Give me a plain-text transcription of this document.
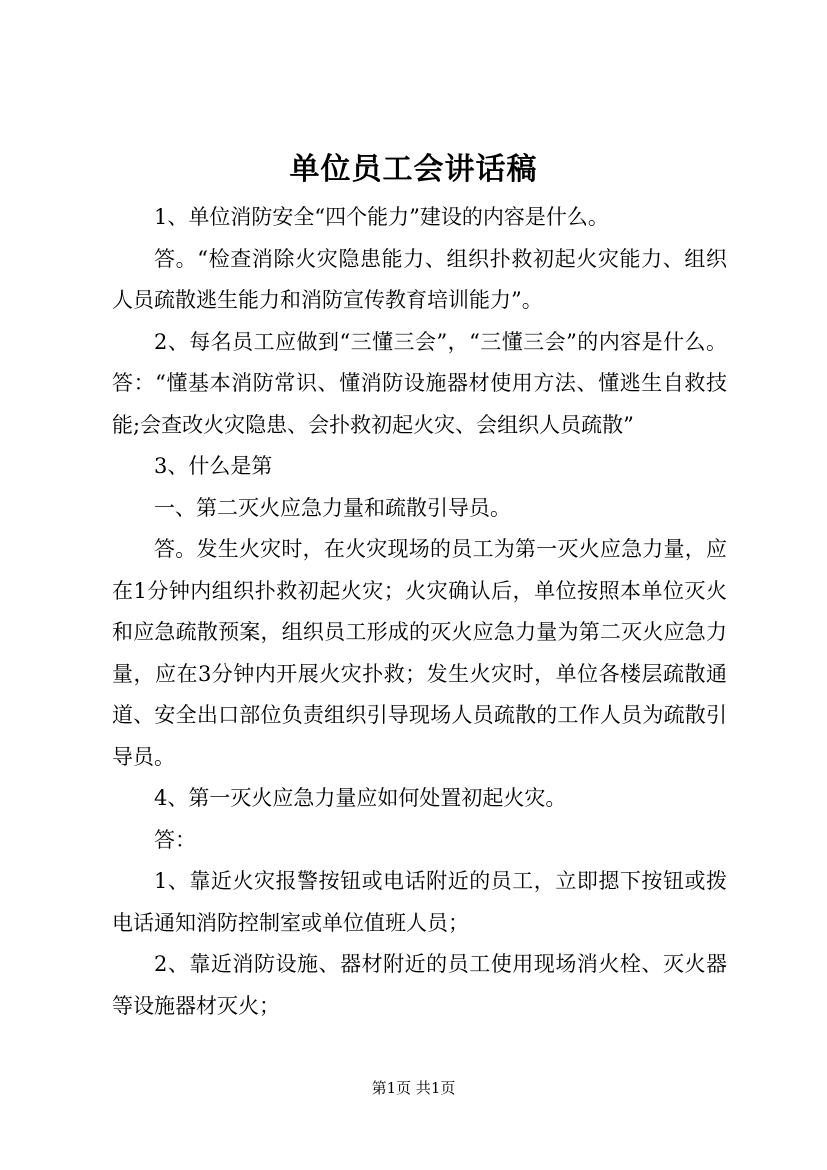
单位员工会讲话稿

1、单位消防安全“四个能力”建设的内容是什么。

答。“检查消除火灾隐患能力、组织扑救初起火灾能力、组织人员疏散逃生能力和消防宣传教育培训能力”。

2、每名员工应做到“三懂三会”，“三懂三会”的内容是什么。答：“懂基本消防常识、懂消防设施器材使用方法、懂逃生自救技能;会查改火灾隐患、会扑救初起火灾、会组织人员疏散”

3、什么是第

一、第二灭火应急力量和疏散引导员。

答。发生火灾时，在火灾现场的员工为第一灭火应急力量，应在1分钟内组织扑救初起火灾；火灾确认后，单位按照本单位灭火和应急疏散预案，组织员工形成的灭火应急力量为第二灭火应急力量，应在3分钟内开展火灾扑救；发生火灾时，单位各楼层疏散通道、安全出口部位负责组织引导现场人员疏散的工作人员为疏散引导员。

4、第一灭火应急力量应如何处置初起火灾。

答：

1、靠近火灾报警按钮或电话附近的员工，立即摁下按钮或拨电话通知消防控制室或单位值班人员；

2、靠近消防设施、器材附近的员工使用现场消火栓、灭火器等设施器材灭火；

第1页 共1页
